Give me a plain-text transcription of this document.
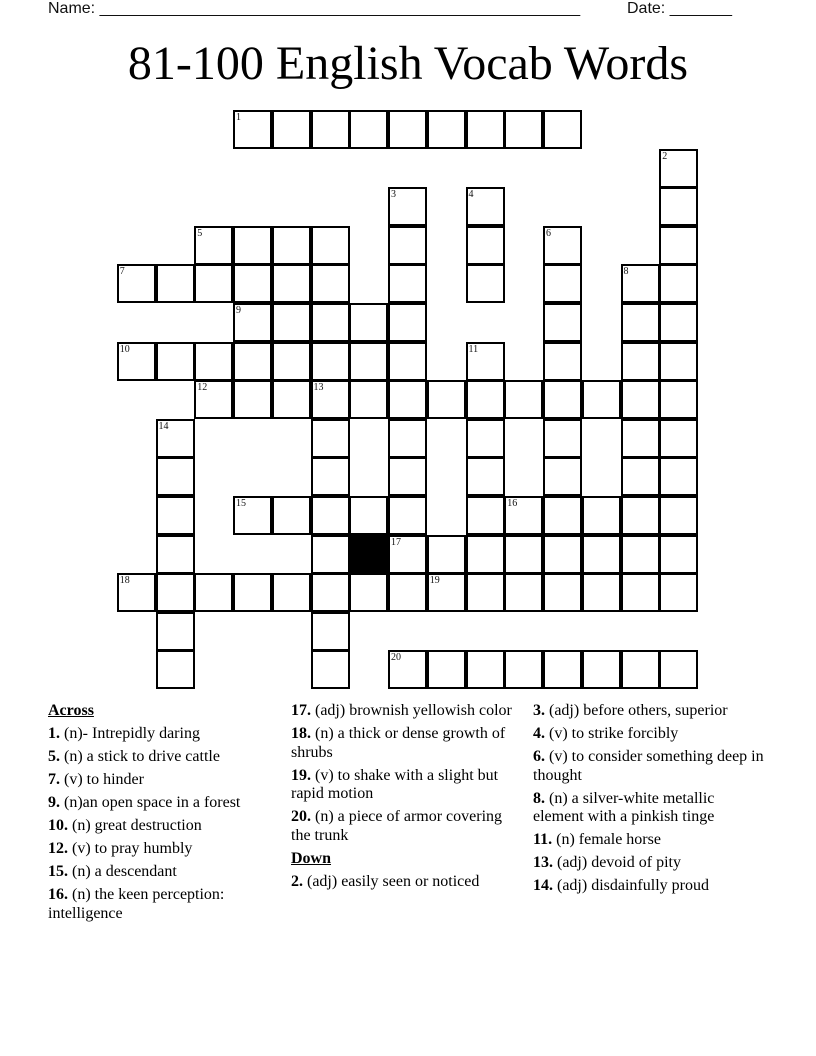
Name: ______________________________________________________	Date: _______
81-100 English Vocab Words
1
2
3	4
5	6
7	8
9
10	11
12	13
14
15	16
17
18	19
20
Across
1. (n)- Intrepidly daring
5. (n) a stick to drive cattle
7. (v) to hinder
9. (n)an open space in a forest
10. (n) great destruction
12. (v) to pray humbly
15. (n) a descendant
16. (n) the keen perception: intelligence
17. (adj) brownish yellowish color
18. (n) a thick or dense growth of shrubs
19. (v) to shake with a slight but rapid motion
20. (n) a piece of armor covering the trunk
Down
2. (adj) easily seen or noticed
3. (adj) before others, superior
4. (v) to strike forcibly
6. (v) to consider something deep in thought
8. (n) a silver-white metallic element with a pinkish tinge
11. (n) female horse
13. (adj) devoid of pity
14. (adj) disdainfully proud
